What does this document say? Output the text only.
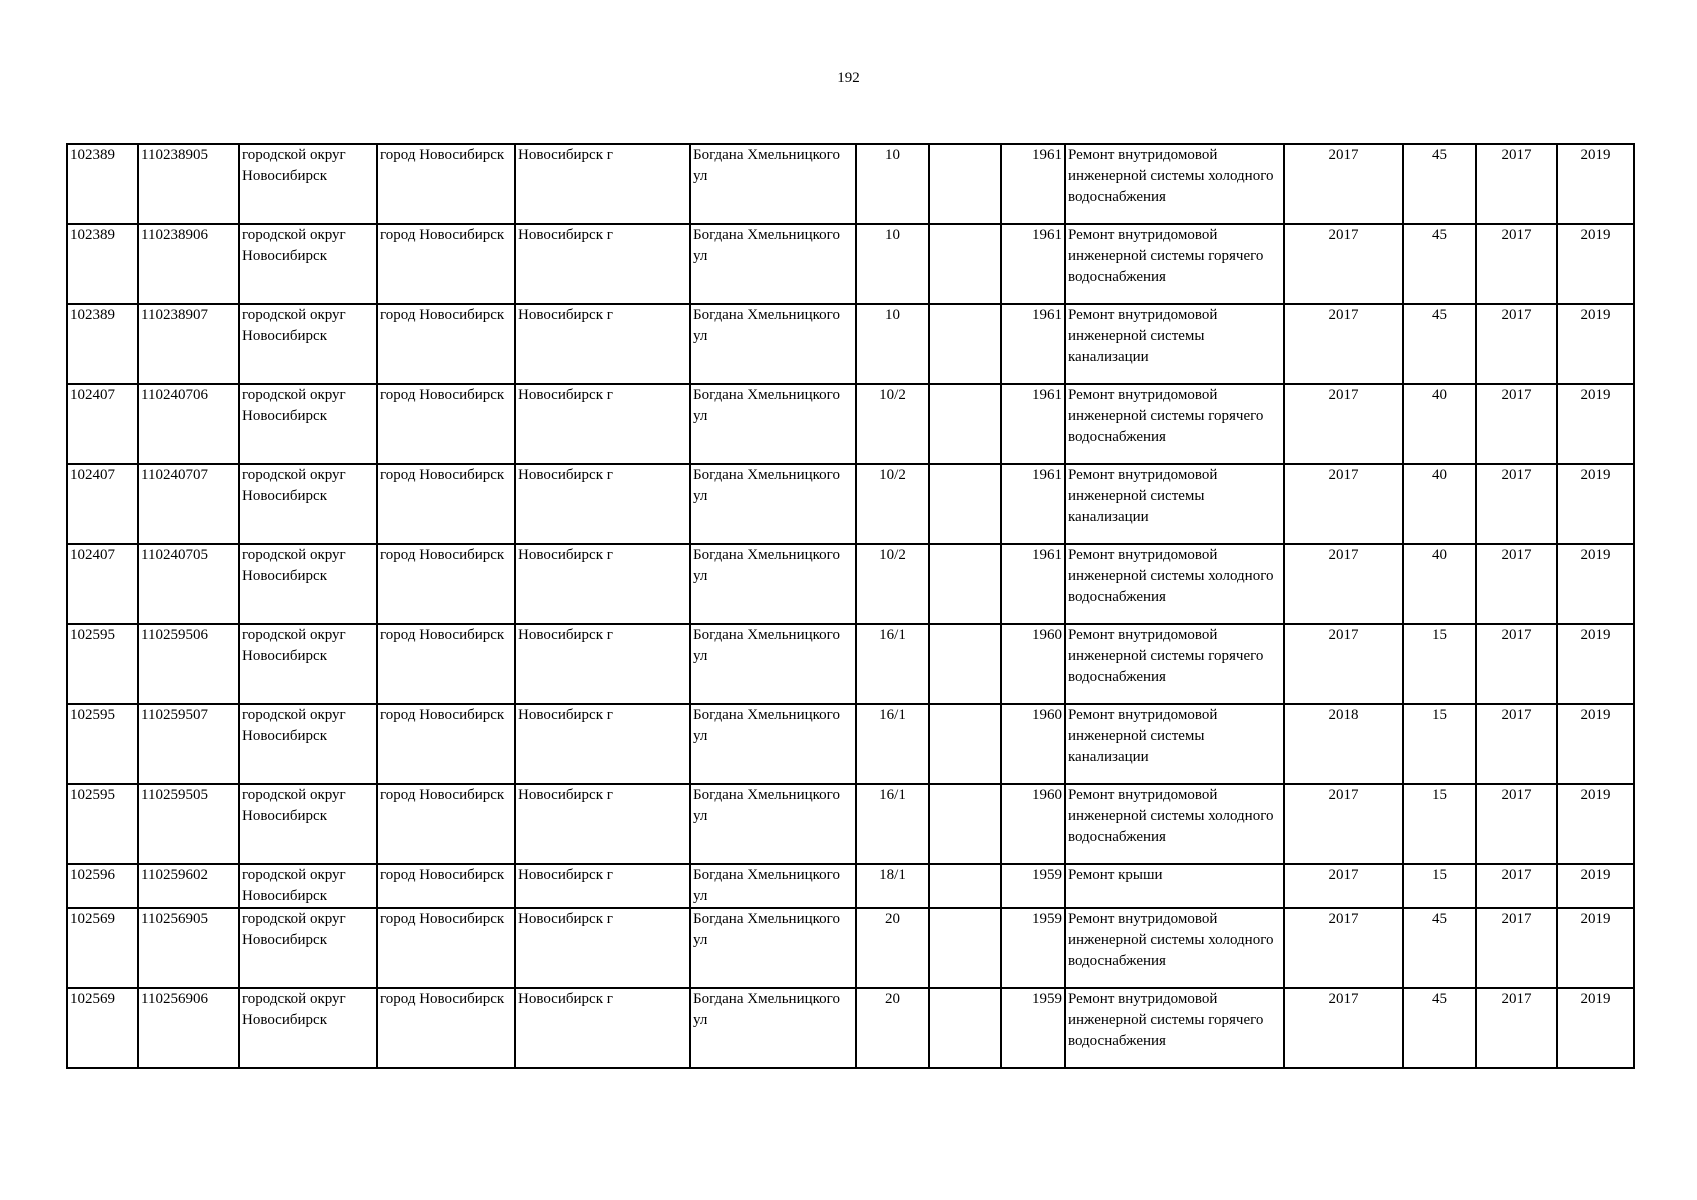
192
102389	110238905	городской округ Новосибирск	город Новосибирск	Новосибирск г	Богдана Хмельницкого ул	10		1961	Ремонт внутридомовой инженерной системы холодного водоснабжения	2017	45	2017	2019
102389	110238906	городской округ Новосибирск	город Новосибирск	Новосибирск г	Богдана Хмельницкого ул	10		1961	Ремонт внутридомовой инженерной системы горячего водоснабжения	2017	45	2017	2019
102389	110238907	городской округ Новосибирск	город Новосибирск	Новосибирск г	Богдана Хмельницкого ул	10		1961	Ремонт внутридомовой инженерной системы канализации	2017	45	2017	2019
102407	110240706	городской округ Новосибирск	город Новосибирск	Новосибирск г	Богдана Хмельницкого ул	10/2		1961	Ремонт внутридомовой инженерной системы горячего водоснабжения	2017	40	2017	2019
102407	110240707	городской округ Новосибирск	город Новосибирск	Новосибирск г	Богдана Хмельницкого ул	10/2		1961	Ремонт внутридомовой инженерной системы канализации	2017	40	2017	2019
102407	110240705	городской округ Новосибирск	город Новосибирск	Новосибирск г	Богдана Хмельницкого ул	10/2		1961	Ремонт внутридомовой инженерной системы холодного водоснабжения	2017	40	2017	2019
102595	110259506	городской округ Новосибирск	город Новосибирск	Новосибирск г	Богдана Хмельницкого ул	16/1		1960	Ремонт внутридомовой инженерной системы горячего водоснабжения	2017	15	2017	2019
102595	110259507	городской округ Новосибирск	город Новосибирск	Новосибирск г	Богдана Хмельницкого ул	16/1		1960	Ремонт внутридомовой инженерной системы канализации	2018	15	2017	2019
102595	110259505	городской округ Новосибирск	город Новосибирск	Новосибирск г	Богдана Хмельницкого ул	16/1		1960	Ремонт внутридомовой инженерной системы холодного водоснабжения	2017	15	2017	2019
102596	110259602	городской округ Новосибирск	город Новосибирск	Новосибирск г	Богдана Хмельницкого ул	18/1		1959	Ремонт крыши	2017	15	2017	2019
102569	110256905	городской округ Новосибирск	город Новосибирск	Новосибирск г	Богдана Хмельницкого ул	20		1959	Ремонт внутридомовой инженерной системы холодного водоснабжения	2017	45	2017	2019
102569	110256906	городской округ Новосибирск	город Новосибирск	Новосибирск г	Богдана Хмельницкого ул	20		1959	Ремонт внутридомовой инженерной системы горячего водоснабжения	2017	45	2017	2019
